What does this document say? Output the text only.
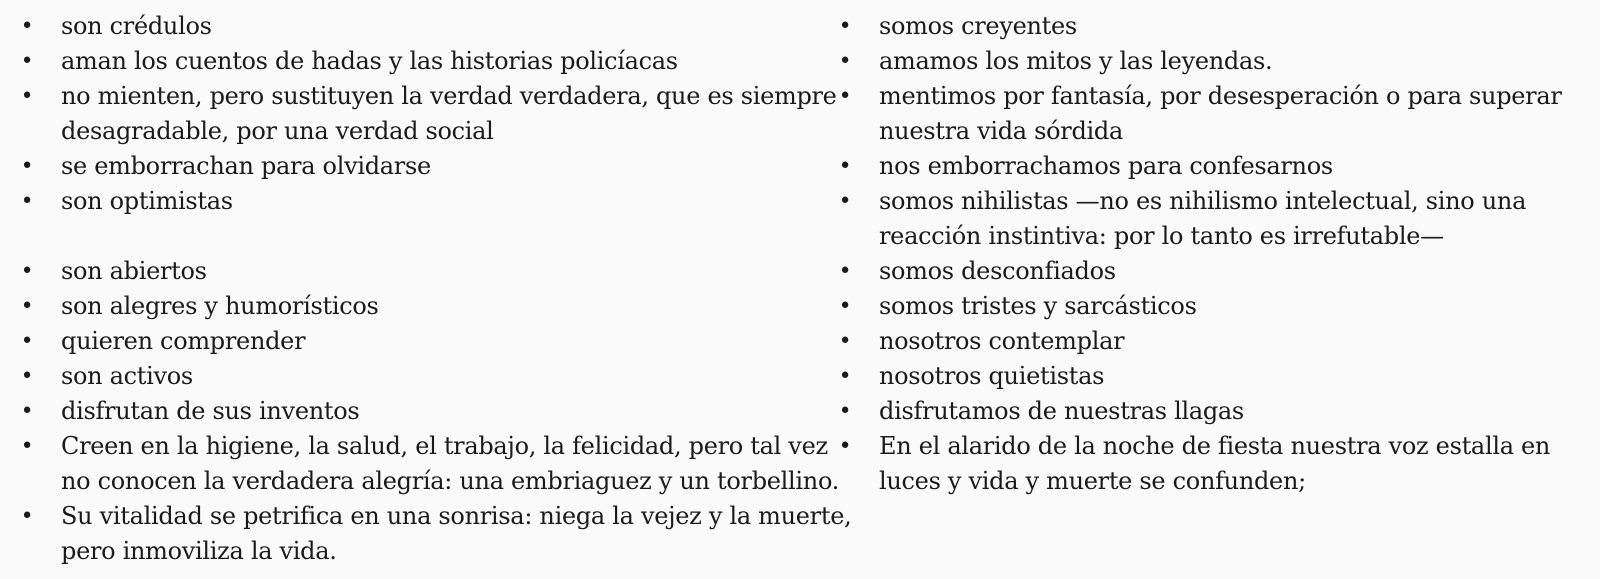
• son crédulos
• aman los cuentos de hadas y las historias policíacas
• no mienten, pero sustituyen la verdad verdadera, que es siempre
desagradable, por una verdad social
• se emborrachan para olvidarse
• son optimistas
• son abiertos
• son alegres y humorísticos
• quieren comprender
• son activos
• disfrutan de sus inventos
• Creen en la higiene, la salud, el trabajo, la felicidad, pero tal vez
no conocen la verdadera alegría: una embriaguez y un torbellino.
• Su vitalidad se petrifica en una sonrisa: niega la vejez y la muerte,
pero inmoviliza la vida.
• somos creyentes
• amamos los mitos y las leyendas.
• mentimos por fantasía, por desesperación o para superar
nuestra vida sórdida
• nos emborrachamos para confesarnos
• somos nihilistas —no es nihilismo intelectual, sino una
reacción instintiva: por lo tanto es irrefutable—
• somos desconfiados
• somos tristes y sarcásticos
• nosotros contemplar
• nosotros quietistas
• disfrutamos de nuestras llagas
• En el alarido de la noche de fiesta nuestra voz estalla en
luces y vida y muerte se confunden;
